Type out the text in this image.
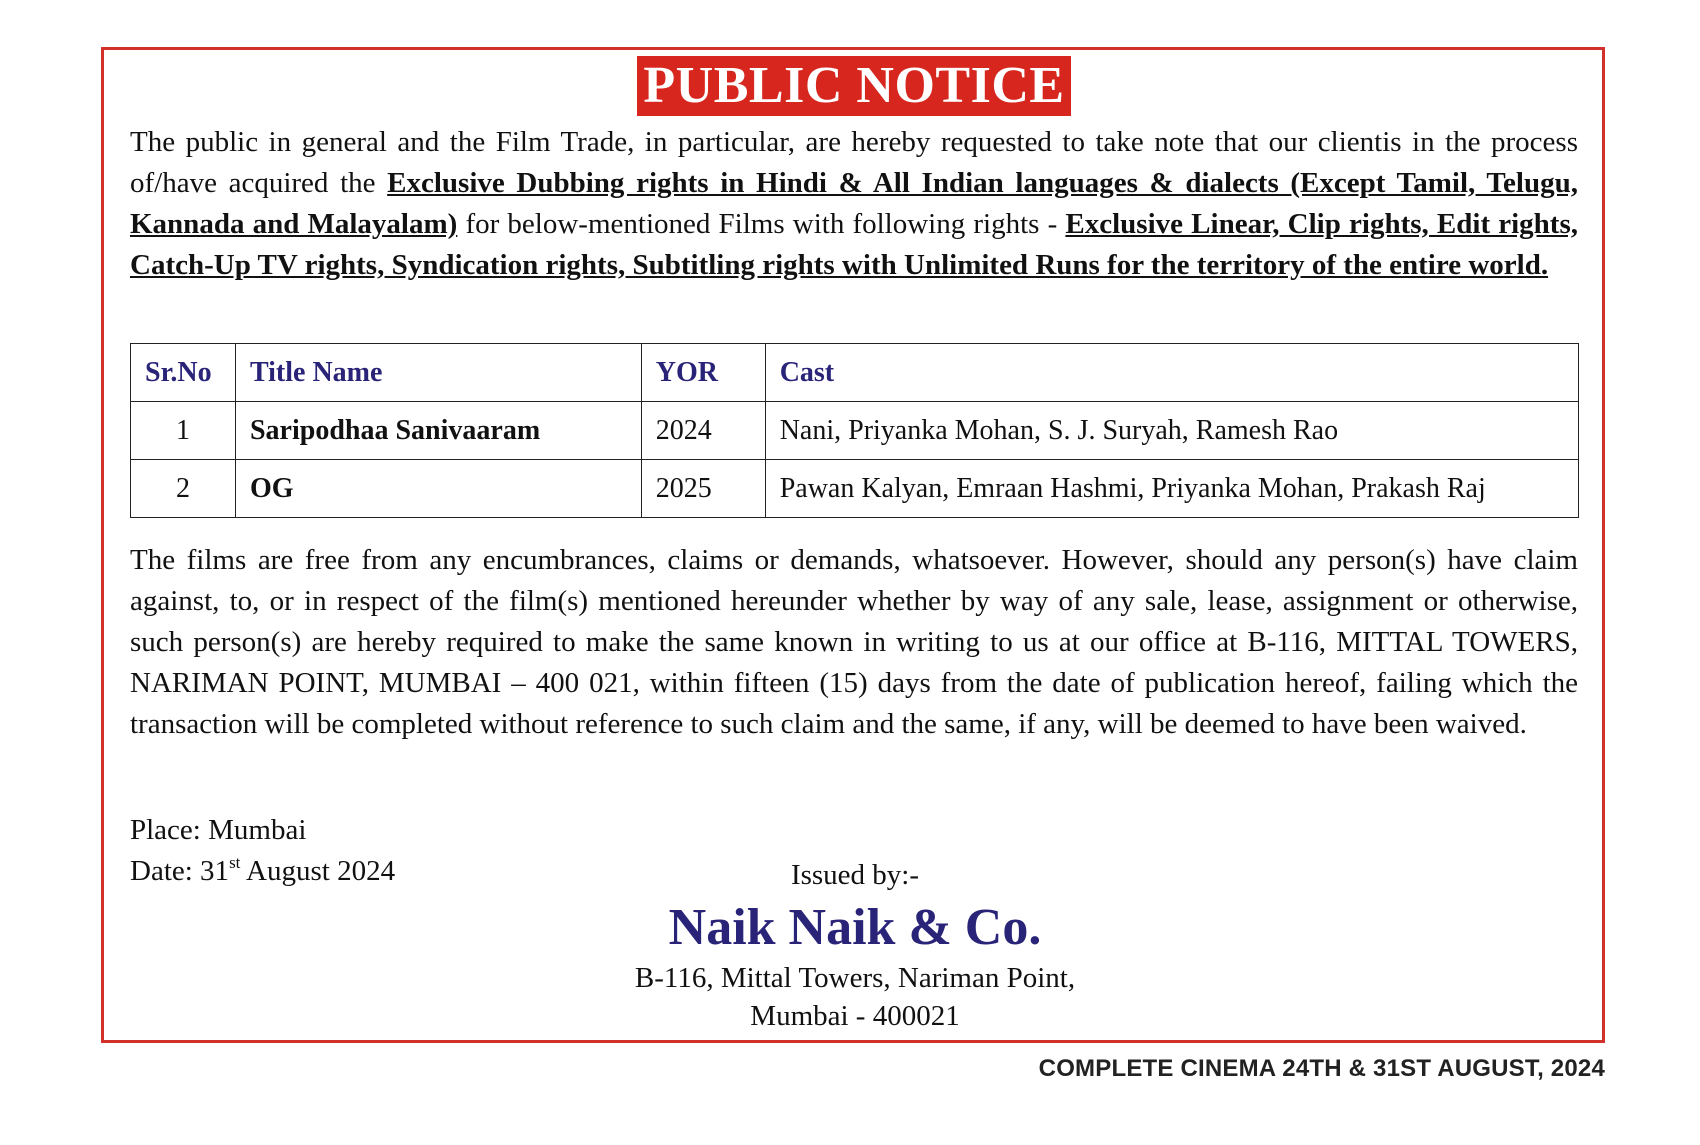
PUBLIC NOTICE

The public in general and the Film Trade, in particular, are hereby requested to take note that our clientis in the process of/have acquired the Exclusive Dubbing rights in Hindi & All Indian languages & dialects (Except Tamil, Telugu, Kannada and Malayalam) for below-mentioned Films with following rights - Exclusive Linear, Clip rights, Edit rights, Catch-Up TV rights, Syndication rights, Subtitling rights with Unlimited Runs for the territory of the entire world.

Sr.No	Title Name	YOR	Cast
1	Saripodhaa Sanivaaram	2024	Nani, Priyanka Mohan, S. J. Suryah, Ramesh Rao
2	OG	2025	Pawan Kalyan, Emraan Hashmi, Priyanka Mohan, Prakash Raj

The films are free from any encumbrances, claims or demands, whatsoever. However, should any person(s) have claim against, to, or in respect of the film(s) mentioned hereunder whether by way of any sale, lease, assignment or otherwise, such person(s) are hereby required to make the same known in writing to us at our office at B-116, MITTAL TOWERS, NARIMAN POINT, MUMBAI – 400 021, within fifteen (15) days from the date of publication hereof, failing which the transaction will be completed without reference to such claim and the same, if any, will be deemed to have been waived.

Place: Mumbai
Date: 31st August 2024	Issued by:-
Naik Naik & Co.
B-116, Mittal Towers, Nariman Point,
Mumbai - 400021
COMPLETE CINEMA 24TH & 31ST AUGUST, 2024
